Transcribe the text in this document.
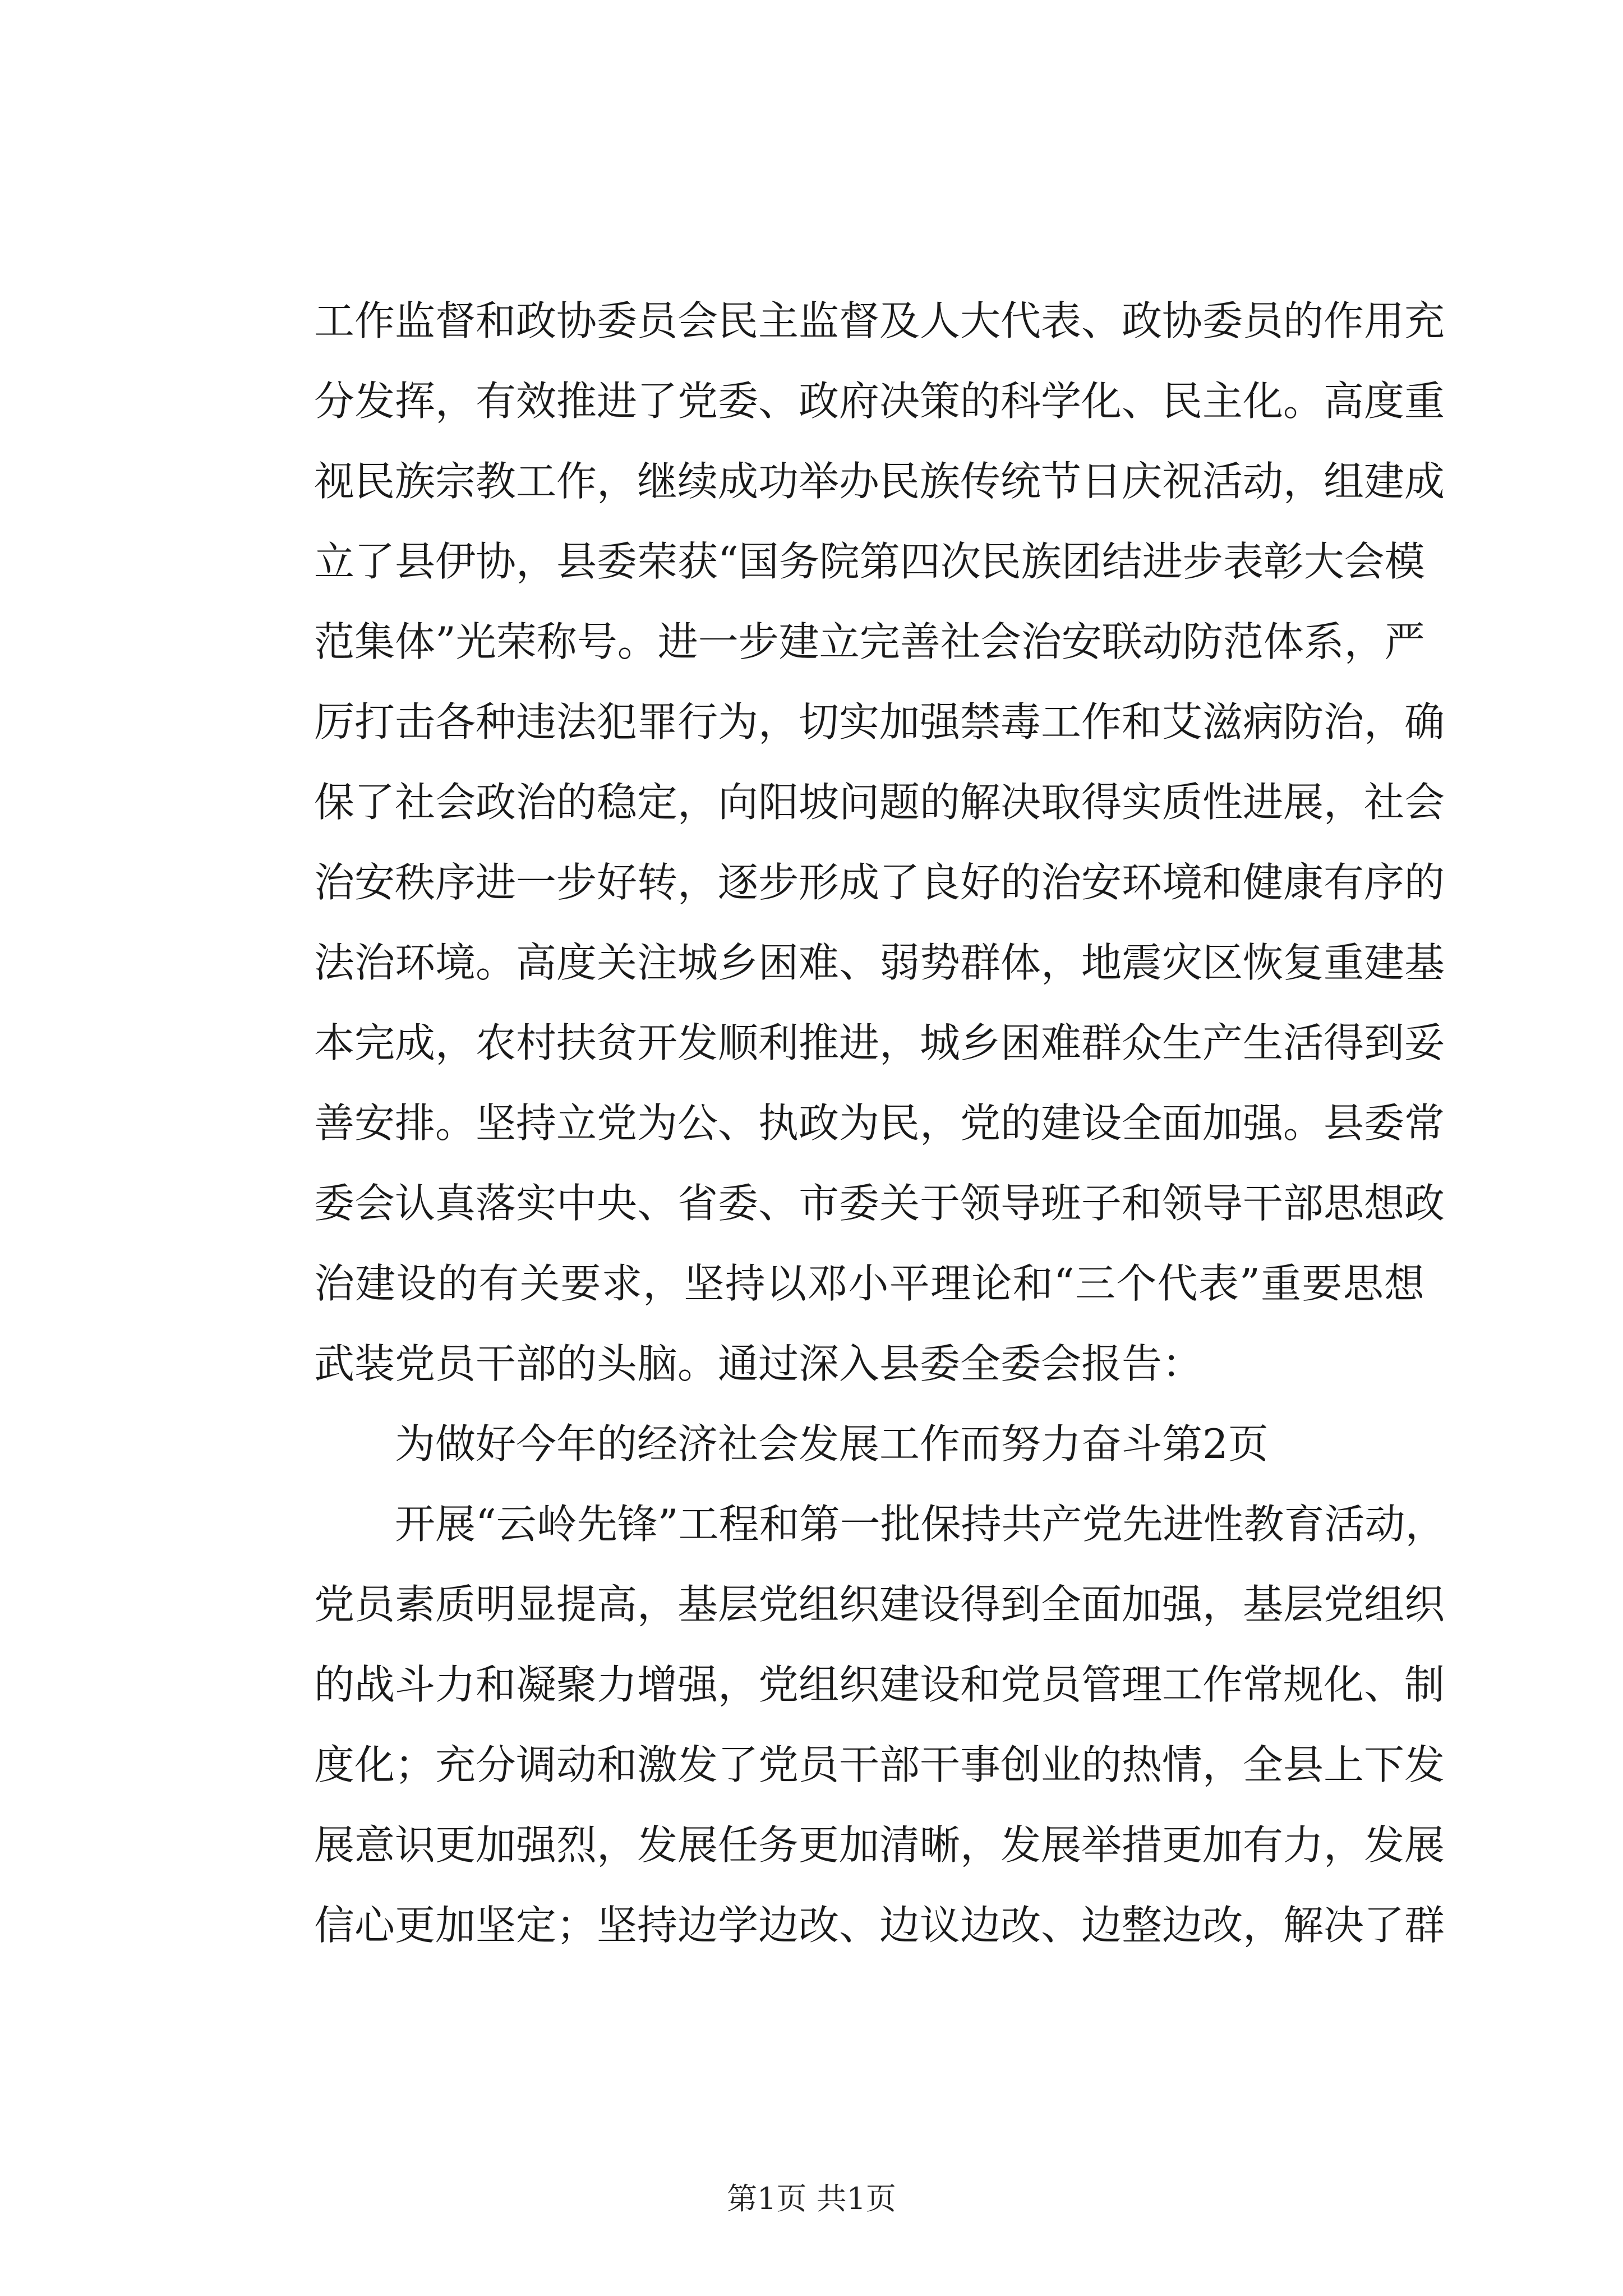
工作监督和政协委员会民主监督及人大代表、政协委员的作用充
分发挥，有效推进了党委、政府决策的科学化、民主化。高度重
视民族宗教工作，继续成功举办民族传统节日庆祝活动，组建成
立了县伊协，县委荣获“国务院第四次民族团结进步表彰大会模
范集体”光荣称号。进一步建立完善社会治安联动防范体系，严
厉打击各种违法犯罪行为，切实加强禁毒工作和艾滋病防治，确
保了社会政治的稳定，向阳坡问题的解决取得实质性进展，社会
治安秩序进一步好转，逐步形成了良好的治安环境和健康有序的
法治环境。高度关注城乡困难、弱势群体，地震灾区恢复重建基
本完成，农村扶贫开发顺利推进，城乡困难群众生产生活得到妥
善安排。坚持立党为公、执政为民，党的建设全面加强。县委常
委会认真落实中央、省委、市委关于领导班子和领导干部思想政
治建设的有关要求，坚持以邓小平理论和“三个代表”重要思想
武装党员干部的头脑。通过深入县委全委会报告：
为做好今年的经济社会发展工作而努力奋斗第2页
开展“云岭先锋”工程和第一批保持共产党先进性教育活动，
党员素质明显提高，基层党组织建设得到全面加强，基层党组织
的战斗力和凝聚力增强，党组织建设和党员管理工作常规化、制
度化；充分调动和激发了党员干部干事创业的热情，全县上下发
展意识更加强烈，发展任务更加清晰，发展举措更加有力，发展
信心更加坚定；坚持边学边改、边议边改、边整边改，解决了群
第1页 共1页
